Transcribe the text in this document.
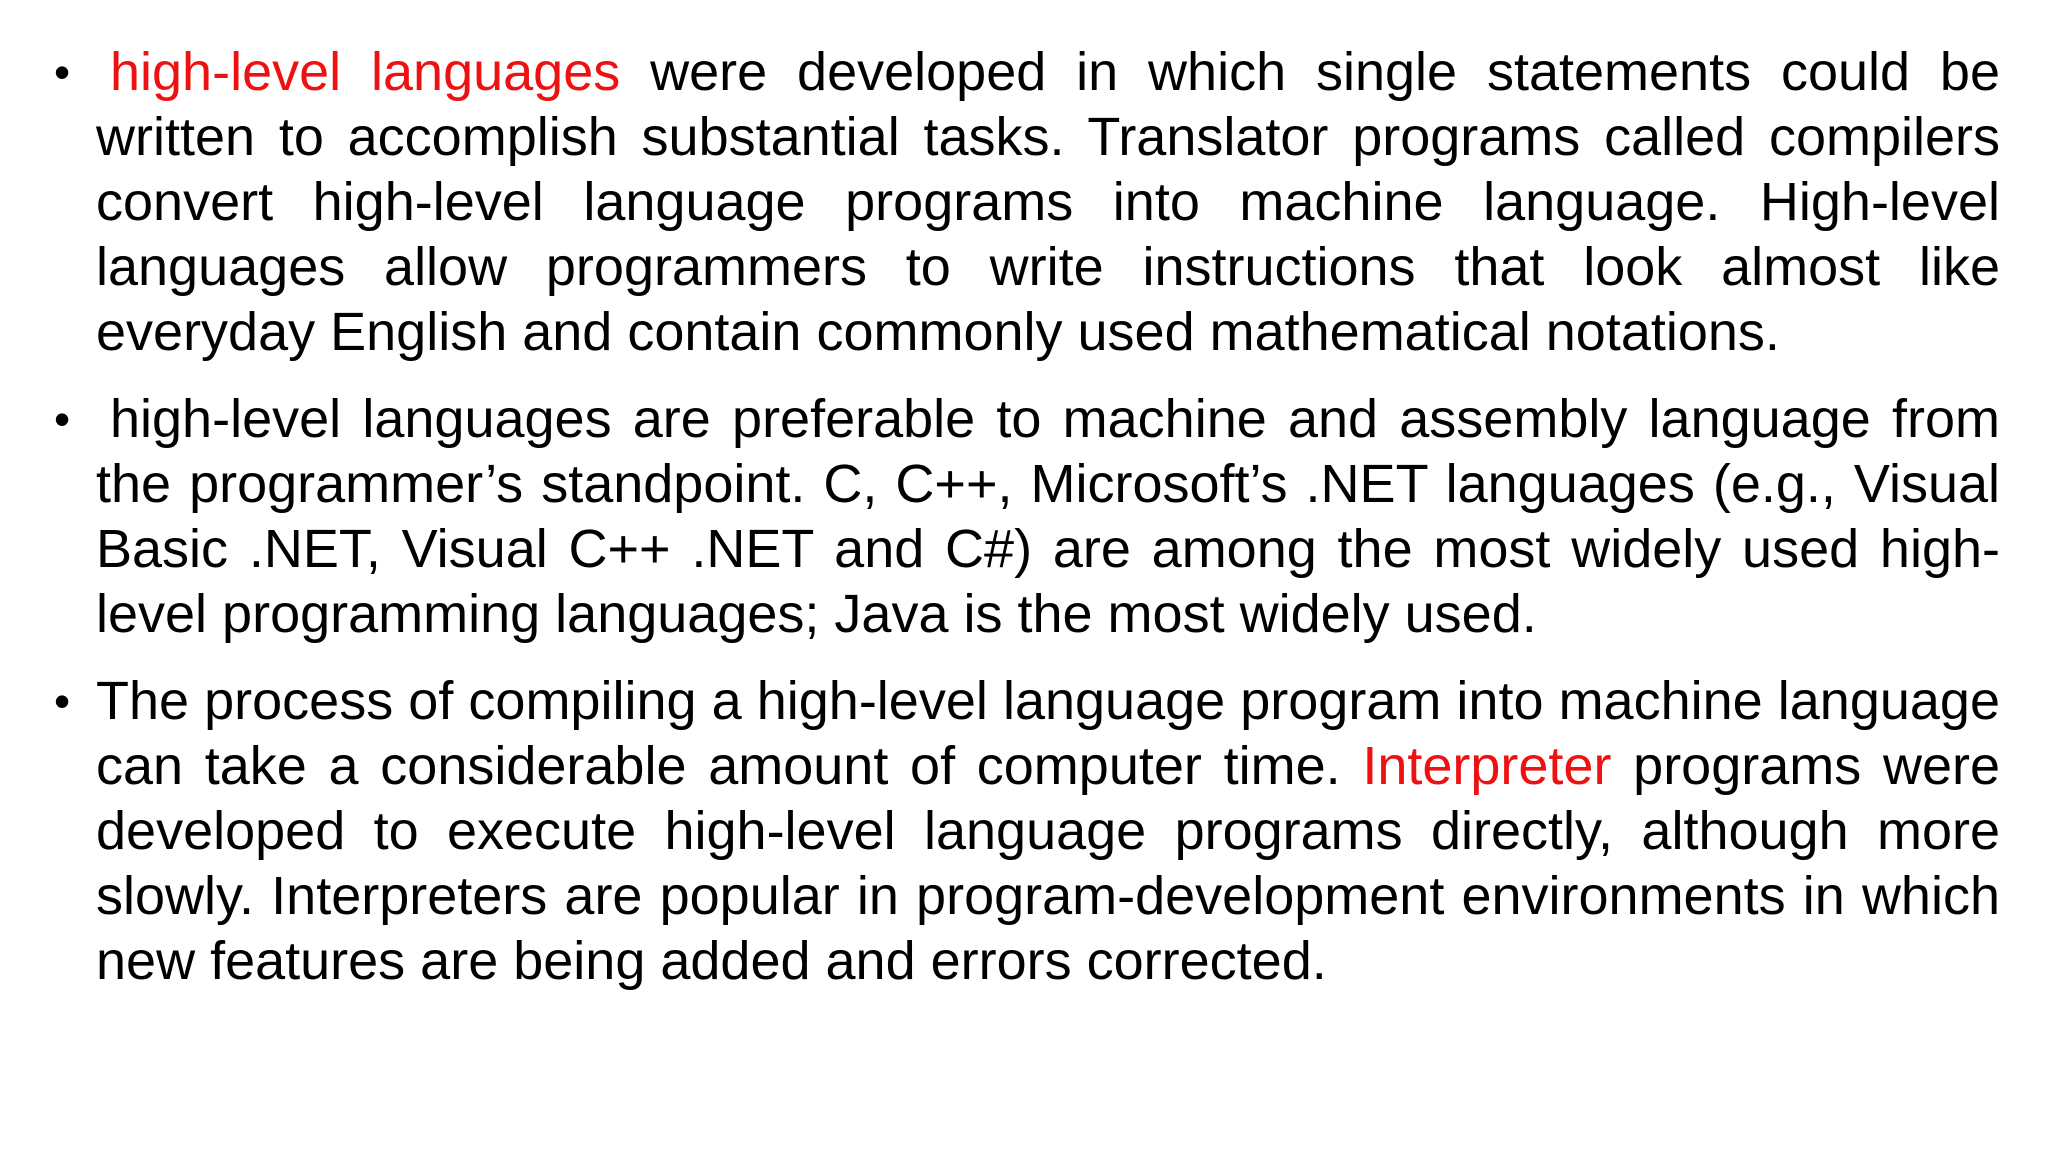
• high-level languages were developed in which single statements could be written to accomplish substantial tasks. Translator programs called compilers convert high-level language programs into machine language. High-level languages allow programmers to write instructions that look almost like everyday English and contain commonly used mathematical notations.
• high-level languages are preferable to machine and assembly language from the programmer’s standpoint. C, C++, Microsoft’s .NET languages (e.g., Visual Basic .NET, Visual C++ .NET and C#) are among the most widely used high-level programming languages; Java is the most widely used.
• The process of compiling a high-level language program into machine language can take a considerable amount of computer time. Interpreter programs were developed to execute high-level language programs directly, although more slowly. Interpreters are popular in program-development environments in which new features are being added and errors corrected.
